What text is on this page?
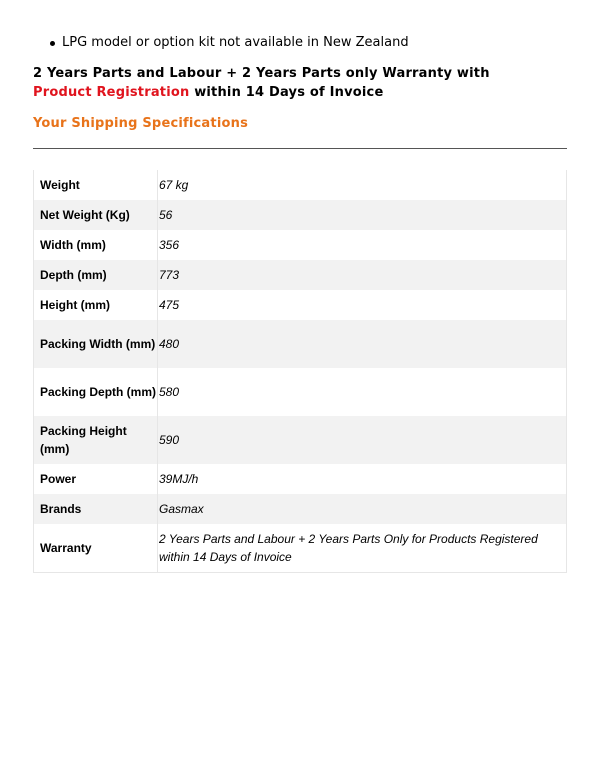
LPG model or option kit not available in New Zealand
2 Years Parts and Labour + 2 Years Parts only Warranty with Product Registration within 14 Days of Invoice
Your Shipping Specifications
Weight	67 kg
Net Weight (Kg)	56
Width (mm)	356
Depth (mm)	773
Height (mm)	475
Packing Width (mm)	480
Packing Depth (mm)	580
Packing Height (mm)	590
Power	39MJ/h
Brands	Gasmax
Warranty	2 Years Parts and Labour + 2 Years Parts Only for Products Registered within 14 Days of Invoice
